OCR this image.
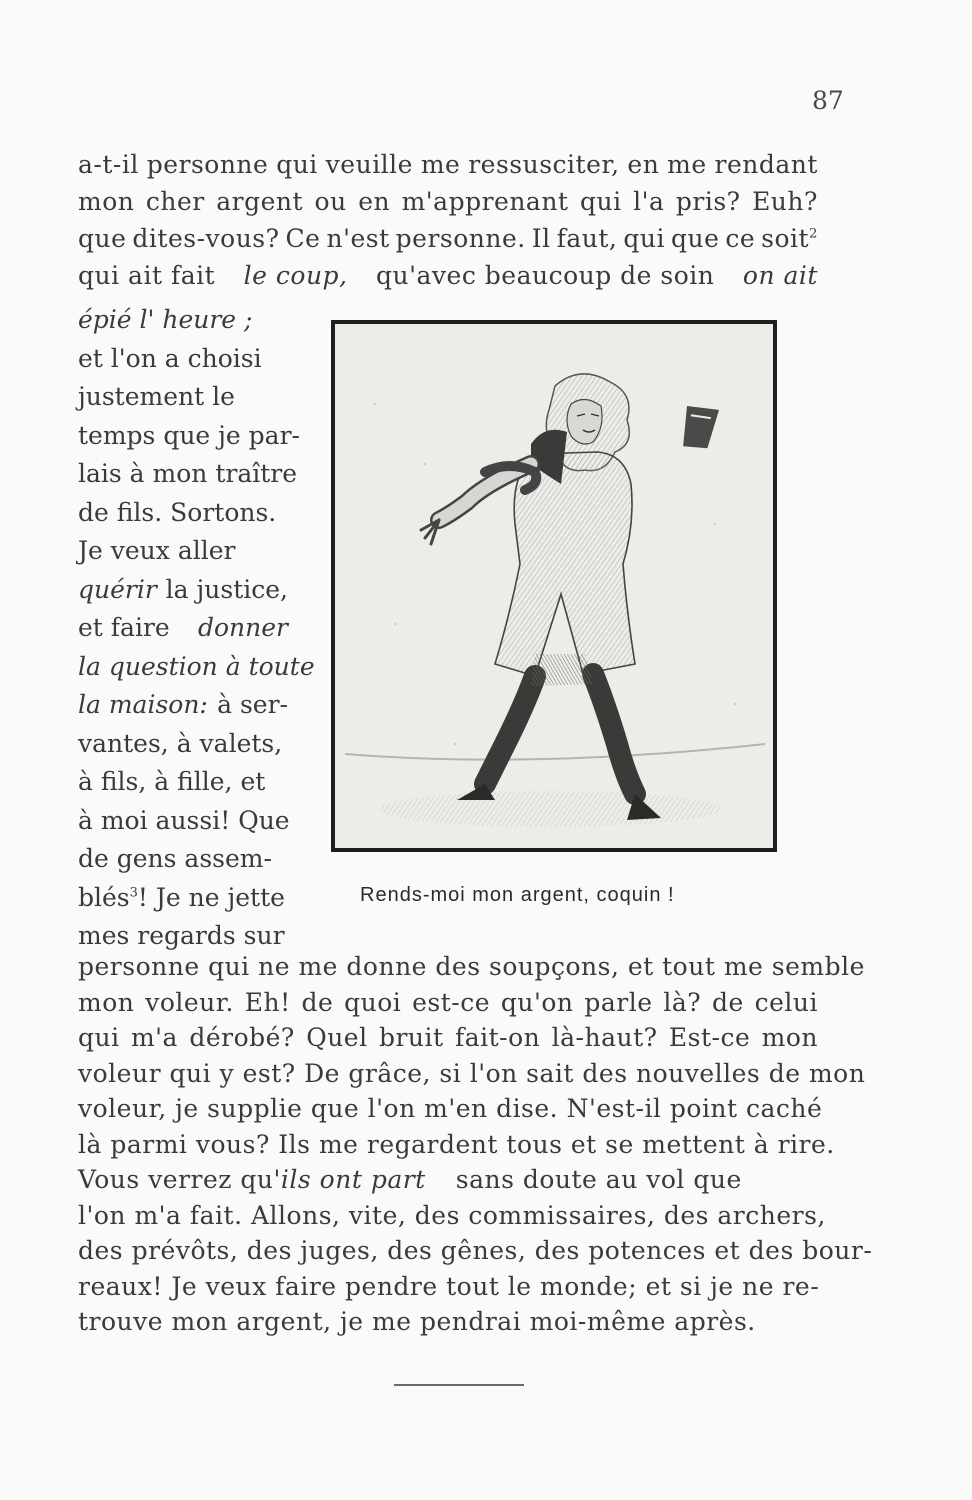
87
a-t-il personne qui veuille me ressusciter, en me rendant
mon cher argent ou en m'apprenant qui l'a pris? Euh?
que dites-vous? Ce n'est personne. Il faut, qui que ce soit$^2$
qui ait fait le coup, qu'avec beaucoup de soin on ait
épié l' heure ;
et l'on a choisi
justement le
temps que je par-
lais à mon traître
de fils. Sortons.
Je veux aller
quérir la justice,
et faire donner
la question à toute
la maison: à ser-
vantes, à valets,
à fils, à fille, et
à moi aussi! Que
de gens assem-
blés$^3$! Je ne jette
mes regards sur
personne qui ne me donne des soupçons, et tout me semble
mon voleur. Eh! de quoi est-ce qu'on parle là? de celui
qui m'a dérobé? Quel bruit fait-on là-haut? Est-ce mon
voleur qui y est? De grâce, si l'on sait des nouvelles de mon
voleur, je supplie que l'on m'en dise. N'est-il point caché
là parmi vous? Ils me regardent tous et se mettent à rire.
Vous verrez qu' ils ont part sans doute au vol que
l'on m'a fait. Allons, vite, des commissaires, des archers,
des prévôts, des juges, des gênes, des potences et des bour-
reaux! Je veux faire pendre tout le monde; et si je ne re-
trouve mon argent, je me pendrai moi-même après.
Rends-moi mon argent, coquin !
